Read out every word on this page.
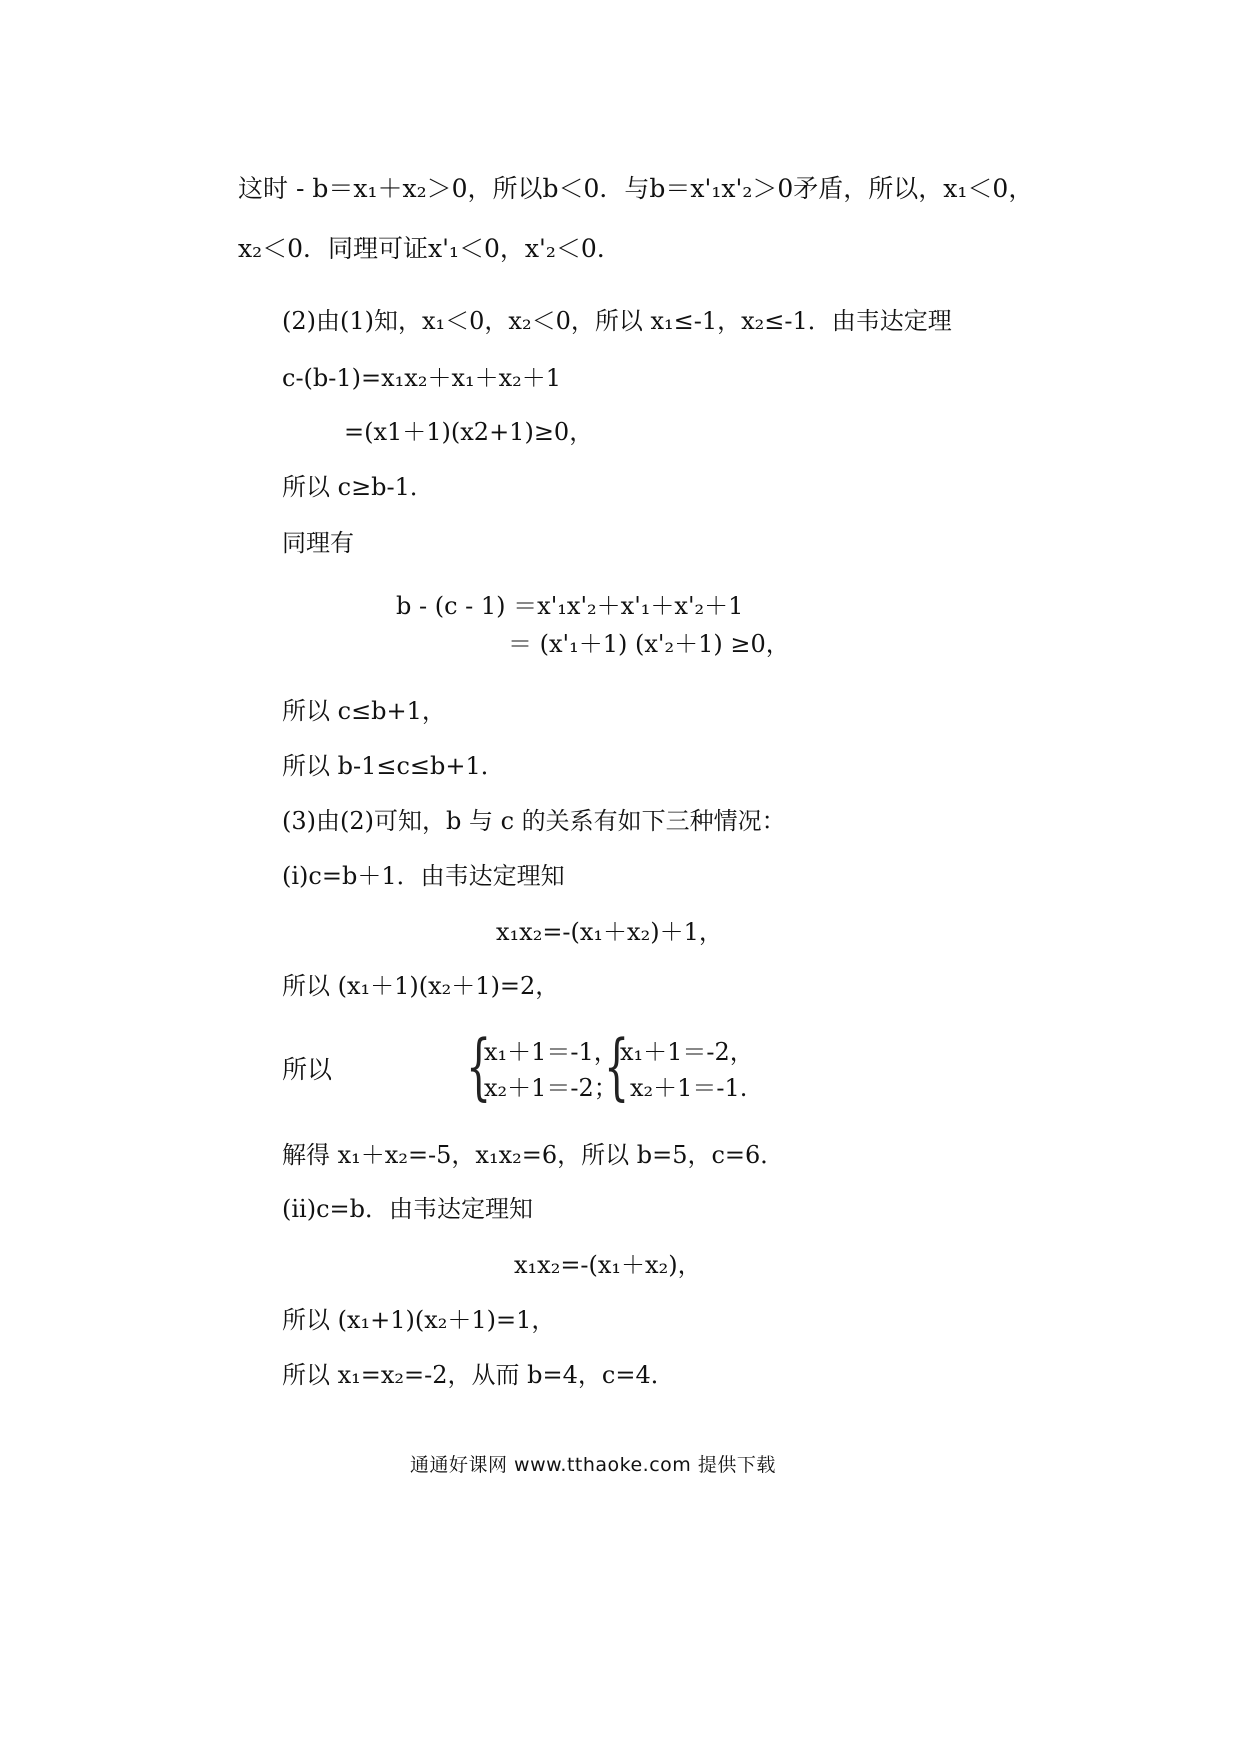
这时 - b＝x₁＋x₂＞0，所以b＜0．与b＝x'₁x'₂＞0矛盾，所以，x₁＜0，
x₂＜0．同理可证x'₁＜0，x'₂＜0．
(2)由(1)知，x₁＜0，x₂＜0，所以 x₁≤-1，x₂≤-1．由韦达定理
c-(b-1)=x₁x₂＋x₁＋x₂＋1
=(x1＋1)(x2+1)≥0，
所以 c≥b-1．
同理有
b - (c - 1) ＝x'₁x'₂＋x'₁＋x'₂＋1
＝ (x'₁＋1) (x'₂＋1) ≥0，
所以 c≤b+1，
所以 b-1≤c≤b+1．
(3)由(2)可知，b 与 c 的关系有如下三种情况：
(i)c=b＋1．由韦达定理知
x₁x₂=-(x₁＋x₂)＋1，
所以 (x₁＋1)(x₂＋1)=2，
所以 {
x₁＋1＝-1，
x₂＋1＝-2；
{
x₁＋1＝-2，
x₂＋1＝-1.
解得 x₁＋x₂=-5，x₁x₂=6，所以 b=5，c=6．
(ii)c=b．由韦达定理知
x₁x₂=-(x₁＋x₂)，
所以 (x₁+1)(x₂＋1)=1，
所以 x₁=x₂=-2，从而 b=4，c=4．
通通好课网 www.tthaoke.com 提供下载
